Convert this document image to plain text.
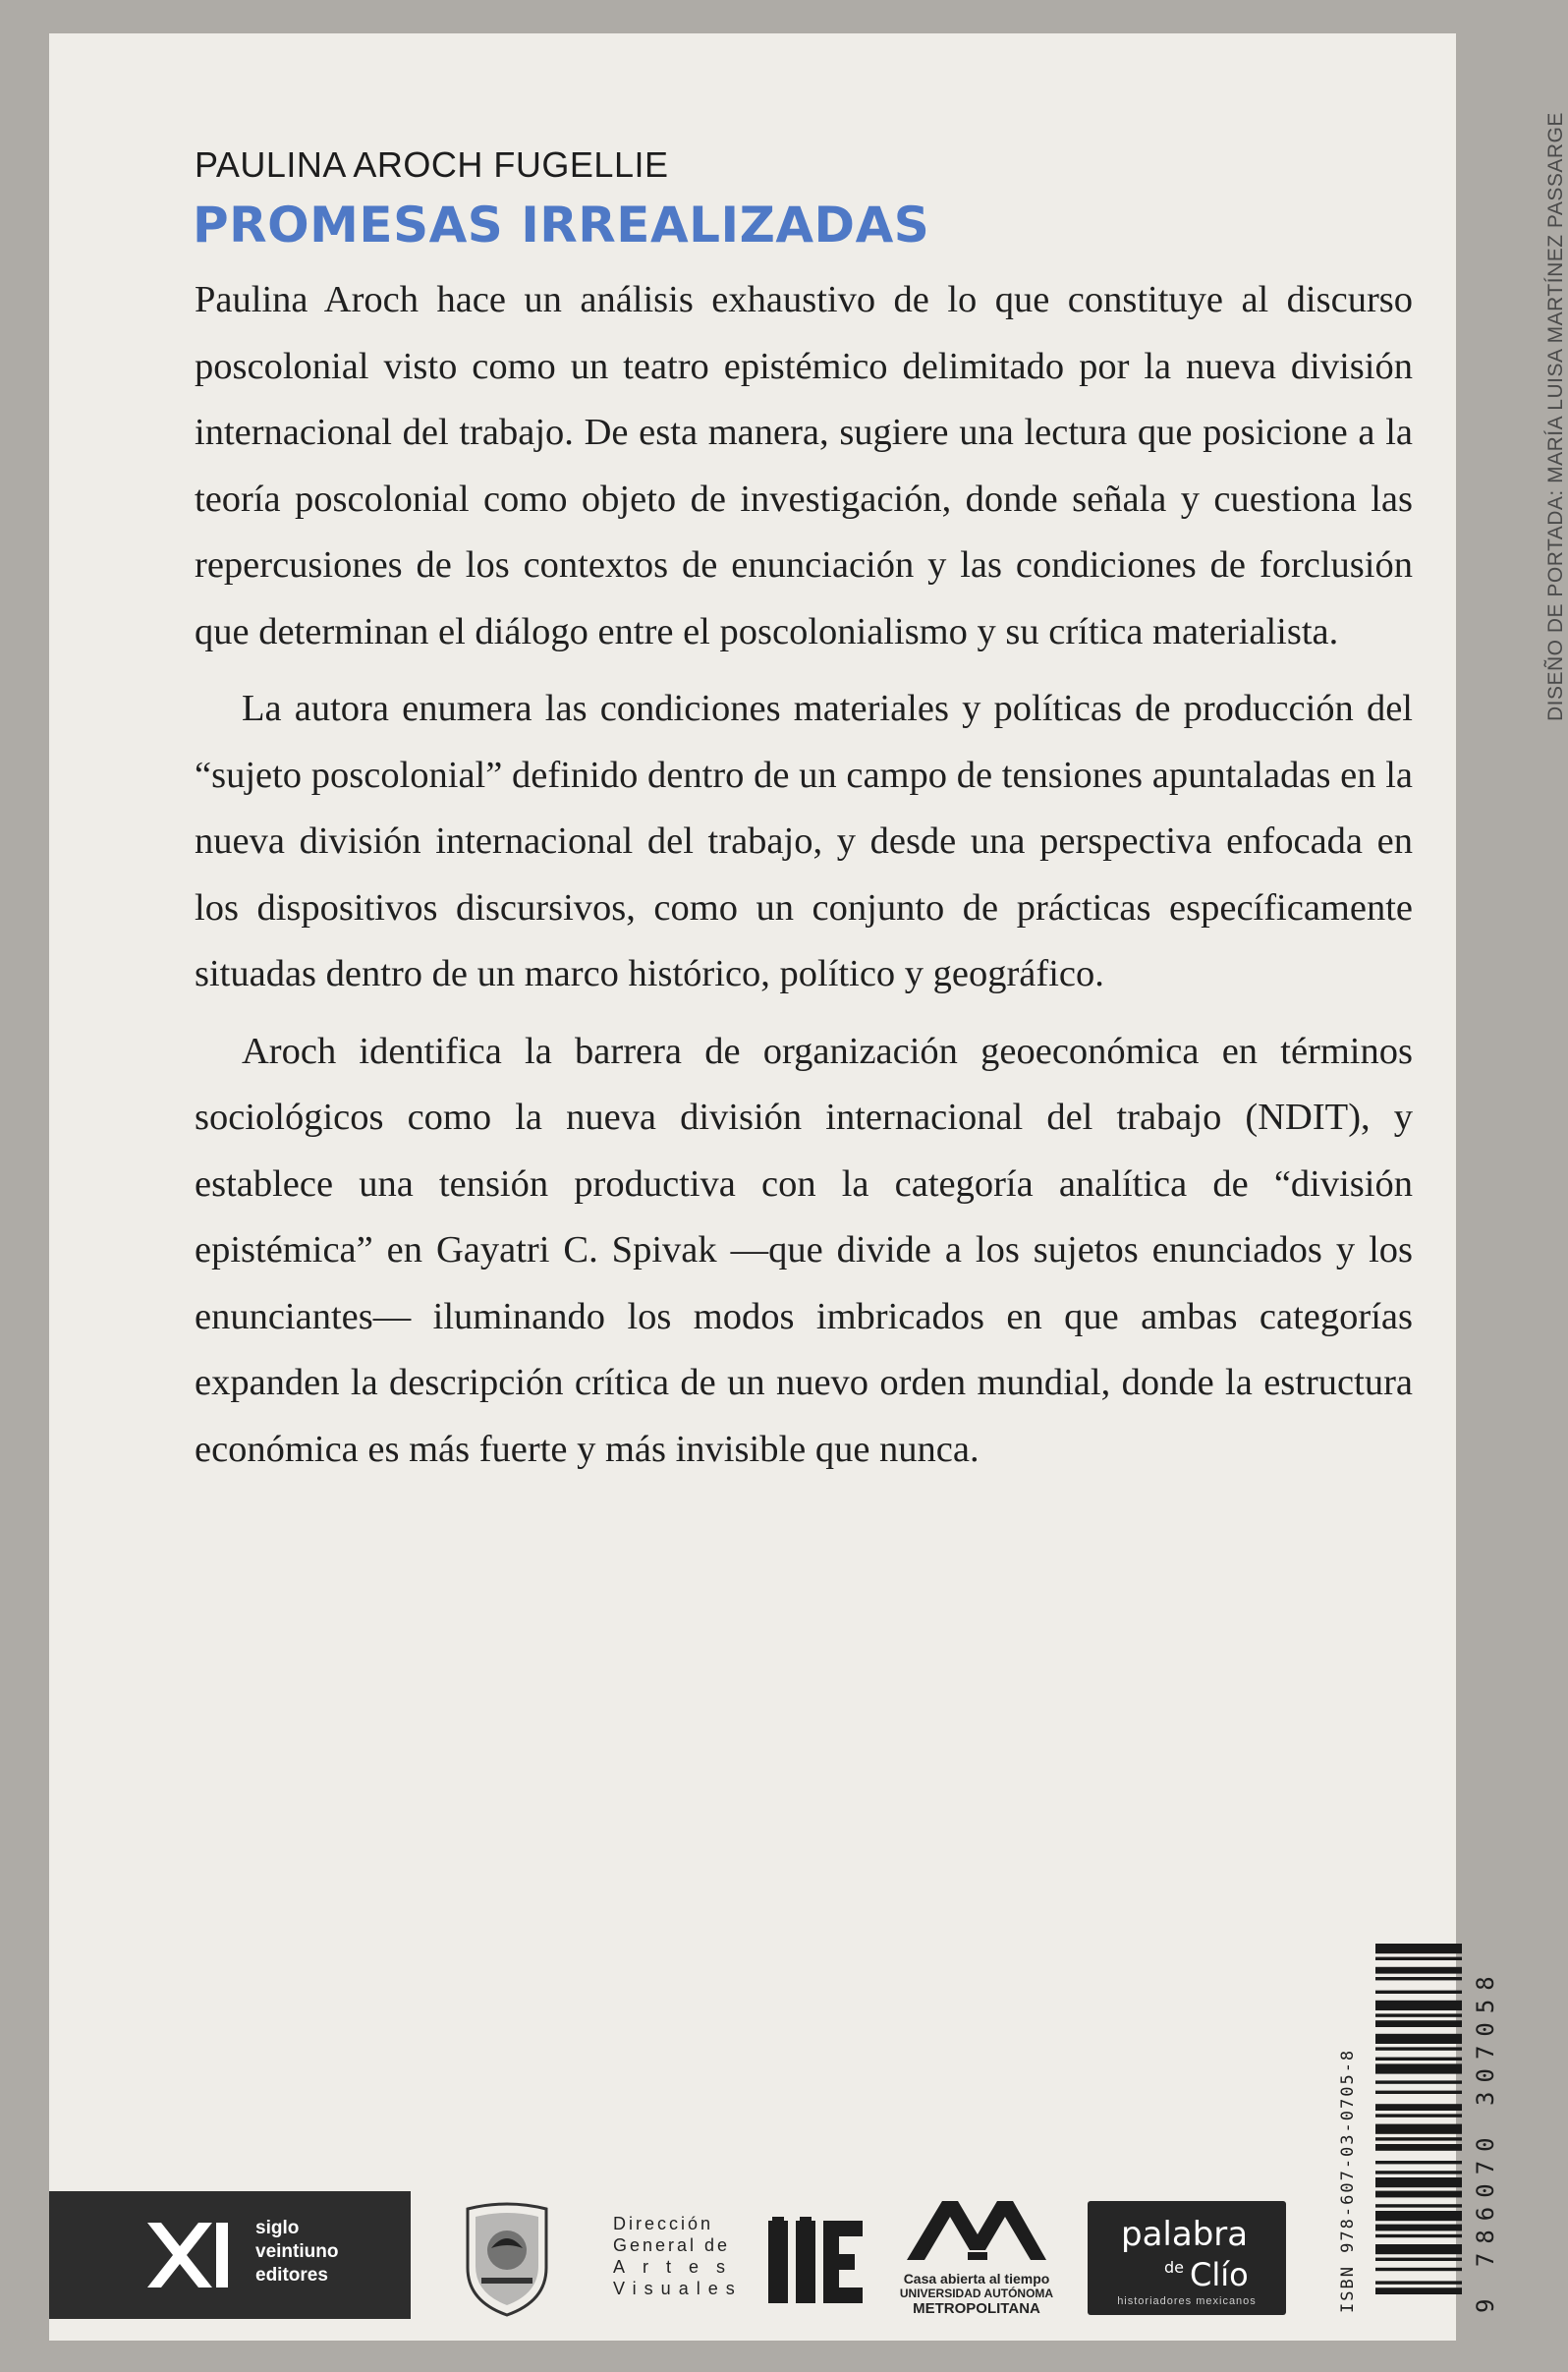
PAULINA AROCH FUGELLIE
PROMESAS IRREALIZADAS

Paulina Aroch hace un análisis exhaustivo de lo que constituye al discurso poscolonial visto como un teatro epistémico delimitado por la nueva división internacional del trabajo. De esta manera, sugiere una lectura que posicione a la teoría poscolonial como objeto de investigación, donde señala y cuestiona las repercusiones de los contextos de enunciación y las condiciones de forclusión que determinan el diálogo entre el poscolonialismo y su crítica materialista.

La autora enumera las condiciones materiales y políticas de producción del “sujeto poscolonial” definido dentro de un campo de tensiones apuntaladas en la nueva división internacional del trabajo, y desde una perspectiva enfocada en los dispositivos discursivos, como un conjunto de prácticas específicamente situadas dentro de un marco histórico, político y geográfico.

Aroch identifica la barrera de organización geoeconómica en términos sociológicos como la nueva división internacional del trabajo (NDIT), y establece una tensión productiva con la categoría analítica de “división epistémica” en Gayatri C. Spivak —que divide a los sujetos enunciados y los enunciantes— iluminando los modos imbricados en que ambas categorías expanden la descripción crítica de un nuevo orden mundial, donde la estructura económica es más fuerte y más invisible que nunca.

DISEÑO DE PORTADA: MARÍA LUISA MARTÍNEZ PASSARGE
siglo
veintiuno
editores
Dirección
General de
Artes
Visuales	Casa abierta al tiempo
UNIVERSIDAD AUTÓNOMA
METROPOLITANA
palabra
de Clío
historiadores mexicanos	ISBN 978-607-03-0705-8	9 786070 307058
